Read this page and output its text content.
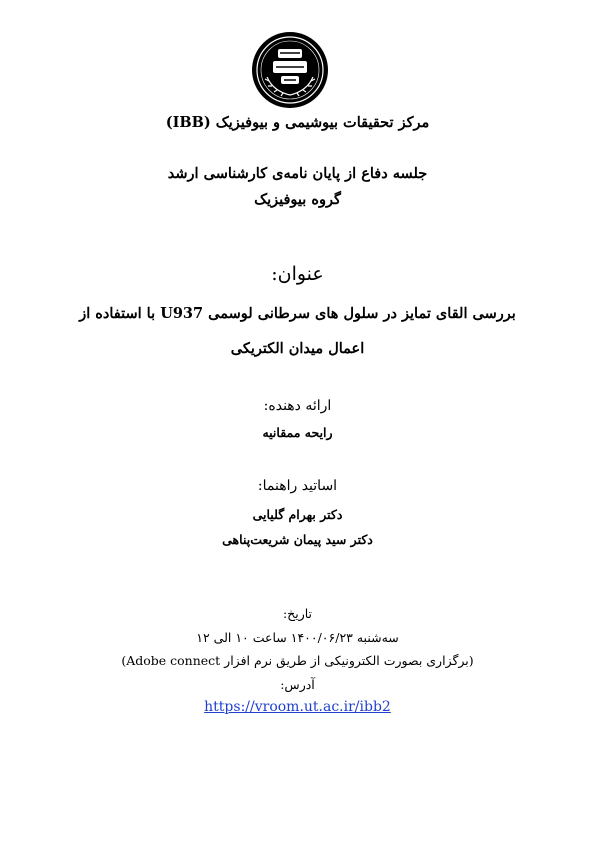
مرکز تحقیقات بیوشیمی و بیوفیزیک (IBB)
جلسه دفاع از پایان نامه‌ی کارشناسی ارشد
گروه بیوفیزیک
عنوان:
بررسی القای تمایز در سلول های سرطانی لوسمی U937 با استفاده از
اعمال میدان الکتریکی
ارائه دهنده:
رایحه ممقانیه
اساتید راهنما:
دکتر بهرام گلیایی
دکتر سید پیمان شریعت‌پناهی
تاریخ:
سه‌شنبه ۱۴۰۰/۰۶/۲۳ ساعت ۱۰ الی ۱۲
(برگزاری بصورت الکترونیکی از طریق نرم افزار Adobe connect)
آدرس:
https://vroom.ut.ac.ir/ibb2
